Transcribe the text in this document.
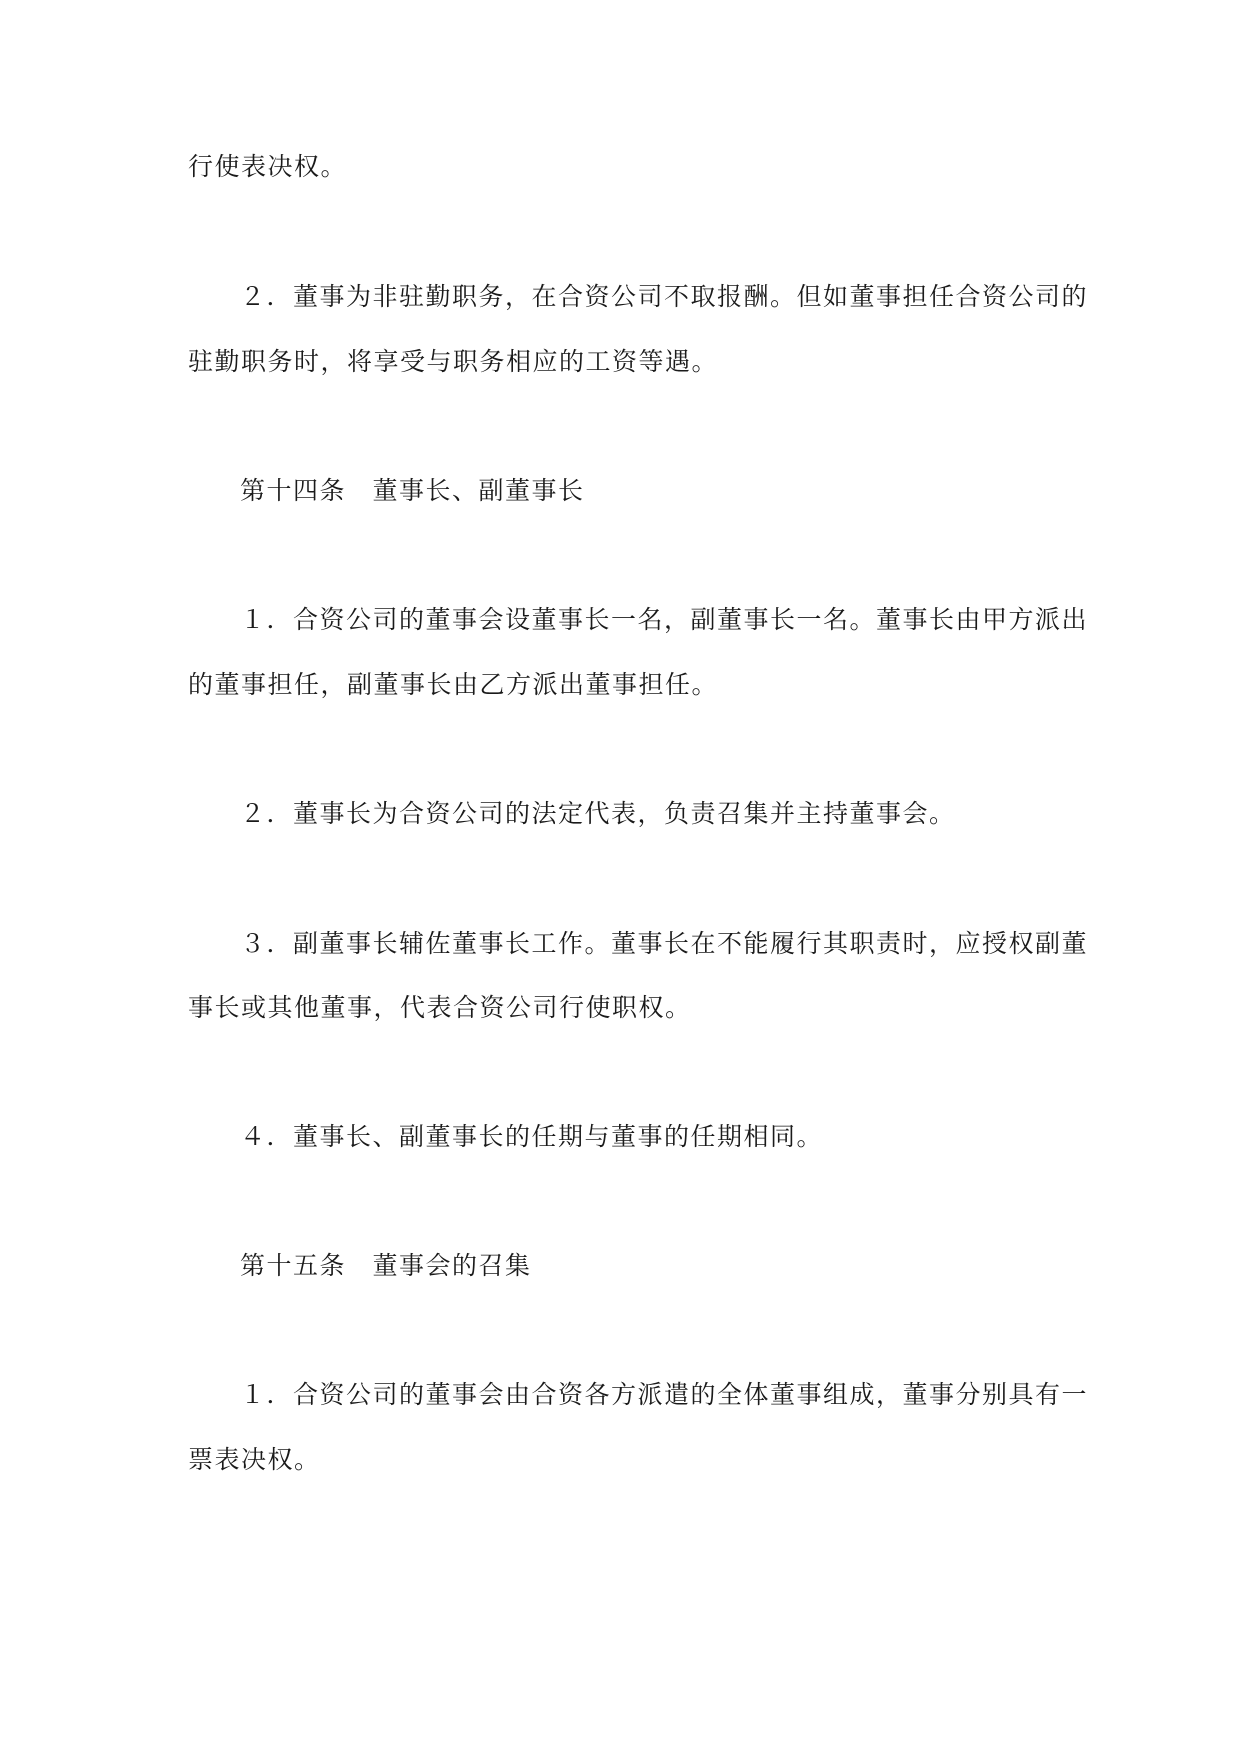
行使表决权。

２．董事为非驻勤职务，在合资公司不取报酬。但如董事担任合资公司的

驻勤职务时，将享受与职务相应的工资等遇。

第十四条　董事长、副董事长

１．合资公司的董事会设董事长一名，副董事长一名。董事长由甲方派出

的董事担任，副董事长由乙方派出董事担任。

２．董事长为合资公司的法定代表，负责召集并主持董事会。

３．副董事长辅佐董事长工作。董事长在不能履行其职责时，应授权副董

事长或其他董事，代表合资公司行使职权。

４．董事长、副董事长的任期与董事的任期相同。

第十五条　董事会的召集

１．合资公司的董事会由合资各方派遣的全体董事组成，董事分别具有一

票表决权。
